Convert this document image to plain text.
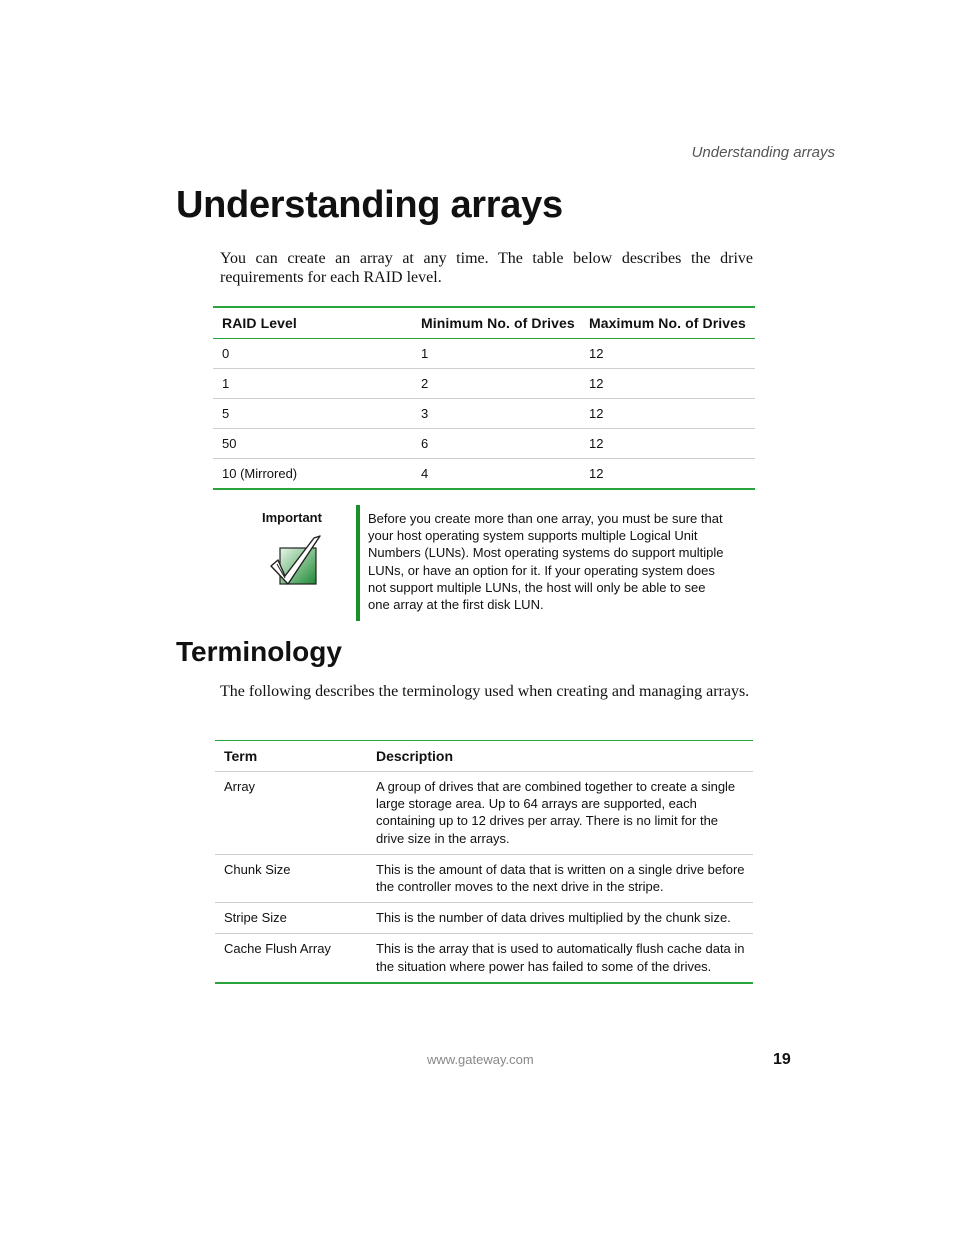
Understanding arrays
Understanding arrays

You can create an array at any time. The table below describes the drive requirements for each RAID level.

RAID Level	Minimum No. of Drives	Maximum No. of Drives
0	1	12
1	2	12
5	3	12
50	6	12
10 (Mirrored)	4	12
Important	Before you create more than one array, you must be sure that your host operating system supports multiple Logical Unit Numbers (LUNs). Most operating systems do support multiple LUNs, or have an option for it. If your operating system does not support multiple LUNs, the host will only be able to see one array at the first disk LUN.

Terminology

The following describes the terminology used when creating and managing arrays.

Term	Description
Array	A group of drives that are combined together to create a single large storage area. Up to 64 arrays are supported, each containing up to 12 drives per array. There is no limit for the drive size in the arrays.
Chunk Size	This is the amount of data that is written on a single drive before the controller moves to the next drive in the stripe.
Stripe Size	This is the number of data drives multiplied by the chunk size.
Cache Flush Array	This is the array that is used to automatically flush cache data in the situation where power has failed to some of the drives.
www.gateway.com	19
